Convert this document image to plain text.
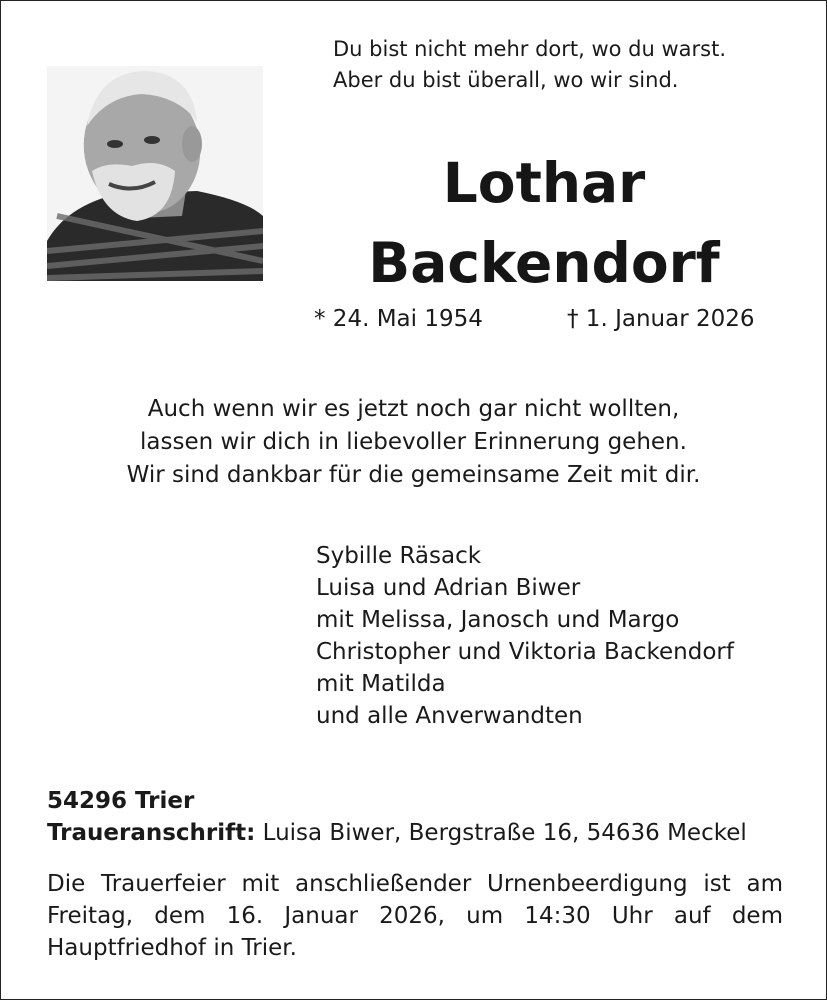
Du bist nicht mehr dort, wo du warst.
Aber du bist überall, wo wir sind.
Lothar
Backendorf
* 24. Mai 1954	† 1. Januar 2026
Auch wenn wir es jetzt noch gar nicht wollten,
lassen wir dich in liebevoller Erinnerung gehen.
Wir sind dankbar für die gemeinsame Zeit mit dir.
Sybille Räsack
Luisa und Adrian Biwer
mit Melissa, Janosch und Margo
Christopher und Viktoria Backendorf
mit Matilda
und alle Anverwandten
54296 Trier
Traueranschrift: Luisa Biwer, Bergstraße 16, 54636 Meckel
Die Trauerfeier mit anschließender Urnenbeerdigung ist am Freitag, dem 16. Januar 2026, um 14:30 Uhr auf dem Hauptfriedhof in Trier.
